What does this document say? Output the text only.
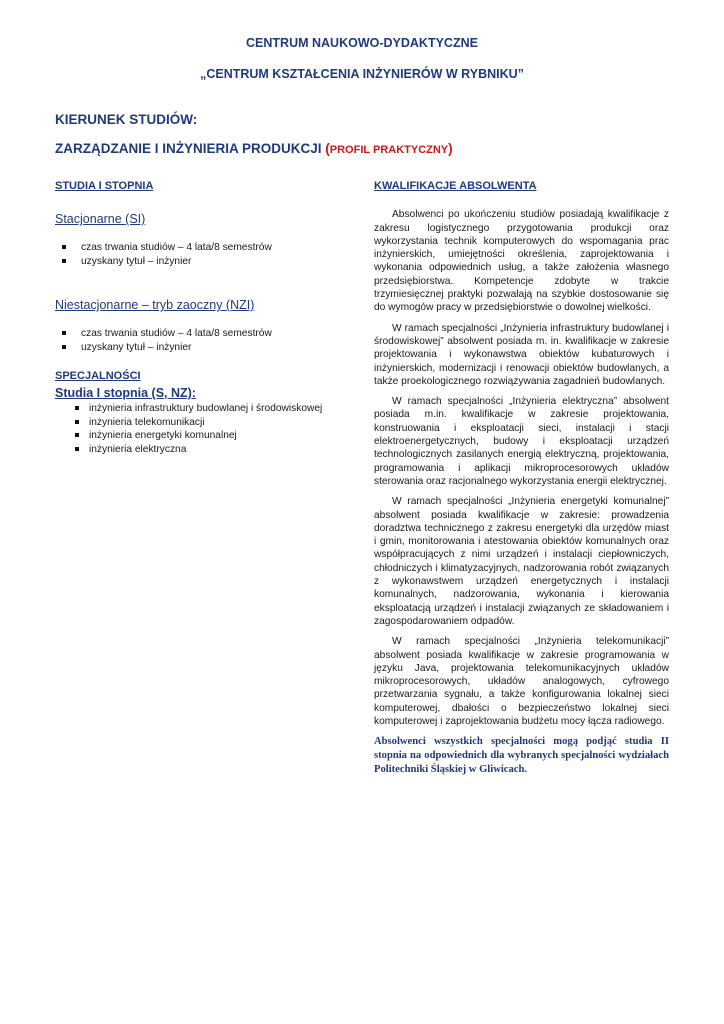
CENTRUM NAUKOWO-DYDAKTYCZNE
„CENTRUM KSZTAŁCENIA INŻYNIERÓW W RYBNIKU”
KIERUNEK STUDIÓW:
ZARZĄDZANIE I INŻYNIERIA PRODUKCJI (PROFIL PRAKTYCZNY)
STUDIA I STOPNIA
Stacjonarne (SI)
czas trwania studiów – 4 lata/8 semestrów
uzyskany tytuł – inżynier
Niestacjonarne – tryb zaoczny (NZI)
czas trwania studiów – 4 lata/8 semestrów
uzyskany tytuł – inżynier
SPECJALNOŚCI
Studia I stopnia (S, NZ):
inżynieria infrastruktury budowlanej i środowiskowej
inżynieria telekomunikacji
inżynieria energetyki komunalnej
inżynieria elektryczna
KWALIFIKACJE ABSOLWENTA

Absolwenci po ukończeniu studiów posiadają kwalifikacje z zakresu logistycznego przygotowania produkcji oraz wykorzystania technik komputerowych do wspomagania prac inżynierskich, umiejętności określenia, zaprojektowania i wykonania odpowiednich usług, a także założenia własnego przedsiębiorstwa. Kompetencje zdobyte w trakcie trzymiesięcznej praktyki pozwalają na szybkie dostosowanie się do wymogów pracy w przedsiębiorstwie o dowolnej wielkości.

W ramach specjalności „Inżynieria infrastruktury budowlanej i środowiskowej” absolwent posiada m. in. kwalifikacje w zakresie projektowania i wykonawstwa obiektów kubaturowych i inżynierskich, modernizacji i renowacji obiektów budowlanych, a także proekologicznego rozwiązywania zagadnień budowlanych.

W ramach specjalności „Inżynieria elektryczna” absolwent posiada m.in. kwalifikacje w zakresie projektowania, konstruowania i eksploatacji sieci, instalacji i stacji elektroenergetycznych, budowy i eksploatacji urządzeń technologicznych zasilanych energią elektryczną, projektowania, programowania i aplikacji mikroprocesorowych układów sterowania oraz racjonalnego wykorzystania energii elektrycznej.

W ramach specjalności „Inżynieria energetyki komunalnej” absolwent posiada kwalifikacje w zakresie: prowadzenia doradztwa technicznego z zakresu energetyki dla urzędów miast i gmin, monitorowania i atestowania obiektów komunalnych oraz współpracujących z nimi urządzeń i instalacji ciepłowniczych, chłodniczych i klimatyzacyjnych, nadzorowania robót związanych z wykonawstwem urządzeń energetycznych i instalacji komunalnych, nadzorowania, wykonania i kierowania eksploatacją urządzeń i instalacji związanych ze składowaniem i zagospodarowaniem odpadów.

W ramach specjalności „Inżynieria telekomunikacji” absolwent posiada kwalifikacje w zakresie programowania w języku Java, projektowania telekomunikacyjnych układów mikroprocesorowych, układów analogowych, cyfrowego przetwarzania sygnału, a także konfigurowania lokalnej sieci komputerowej, dbałości o bezpieczeństwo lokalnej sieci komputerowej i zaprojektowania budżetu mocy łącza radiowego.

Absolwenci wszystkich specjalności mogą podjąć studia II stopnia na odpowiednich dla wybranych specjalności wydziałach Politechniki Śląskiej w Gliwicach.
